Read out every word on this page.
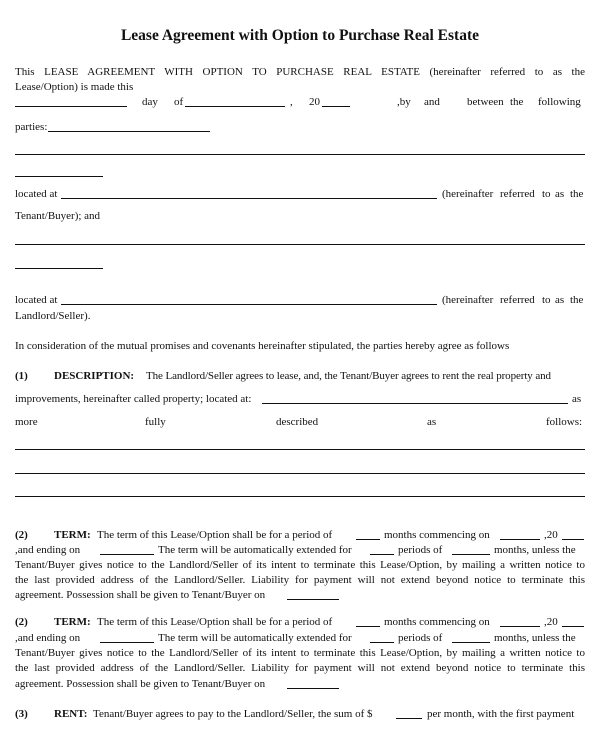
Lease Agreement with Option to Purchase Real Estate
This LEASE AGREEMENT WITH OPTION TO PURCHASE REAL ESTATE (hereinafter referred to as the
Lease/Option) is made this
day of	, 20	,by and between the following
parties:
located at	(hereinafter referred to as the
Tenant/Buyer); and
located at	(hereinafter referred to as the
Landlord/Seller).
In consideration of the mutual promises and covenants hereinafter stipulated, the parties hereby agree as follows
(1) DESCRIPTION: The Landlord/Seller agrees to lease, and, the Tenant/Buyer agrees to rent the real property and
improvements, hereinafter called property; located at:	as
more	fully	described	as	follows:
(2) TERM: The term of this Lease/Option shall be for a period of	months commencing on	,20
,and ending on	The term will be automatically extended for	periods of	months, unless the
Tenant/Buyer gives notice to the Landlord/Seller of its intent to terminate this Lease/Option, by mailing a written notice to
the last provided address of the Landlord/Seller. Liability for payment will not extend beyond notice to terminate this
agreement. Possession shall be given to Tenant/Buyer on
(2) TERM: The term of this Lease/Option shall be for a period of	months commencing on	,20
,and ending on	The term will be automatically extended for	periods of	months, unless the
Tenant/Buyer gives notice to the Landlord/Seller of its intent to terminate this Lease/Option, by mailing a written notice to
the last provided address of the Landlord/Seller. Liability for payment will not extend beyond notice to terminate this
agreement. Possession shall be given to Tenant/Buyer on
(3) RENT: Tenant/Buyer agrees to pay to the Landlord/Seller, the sum of $	per month, with the first payment
